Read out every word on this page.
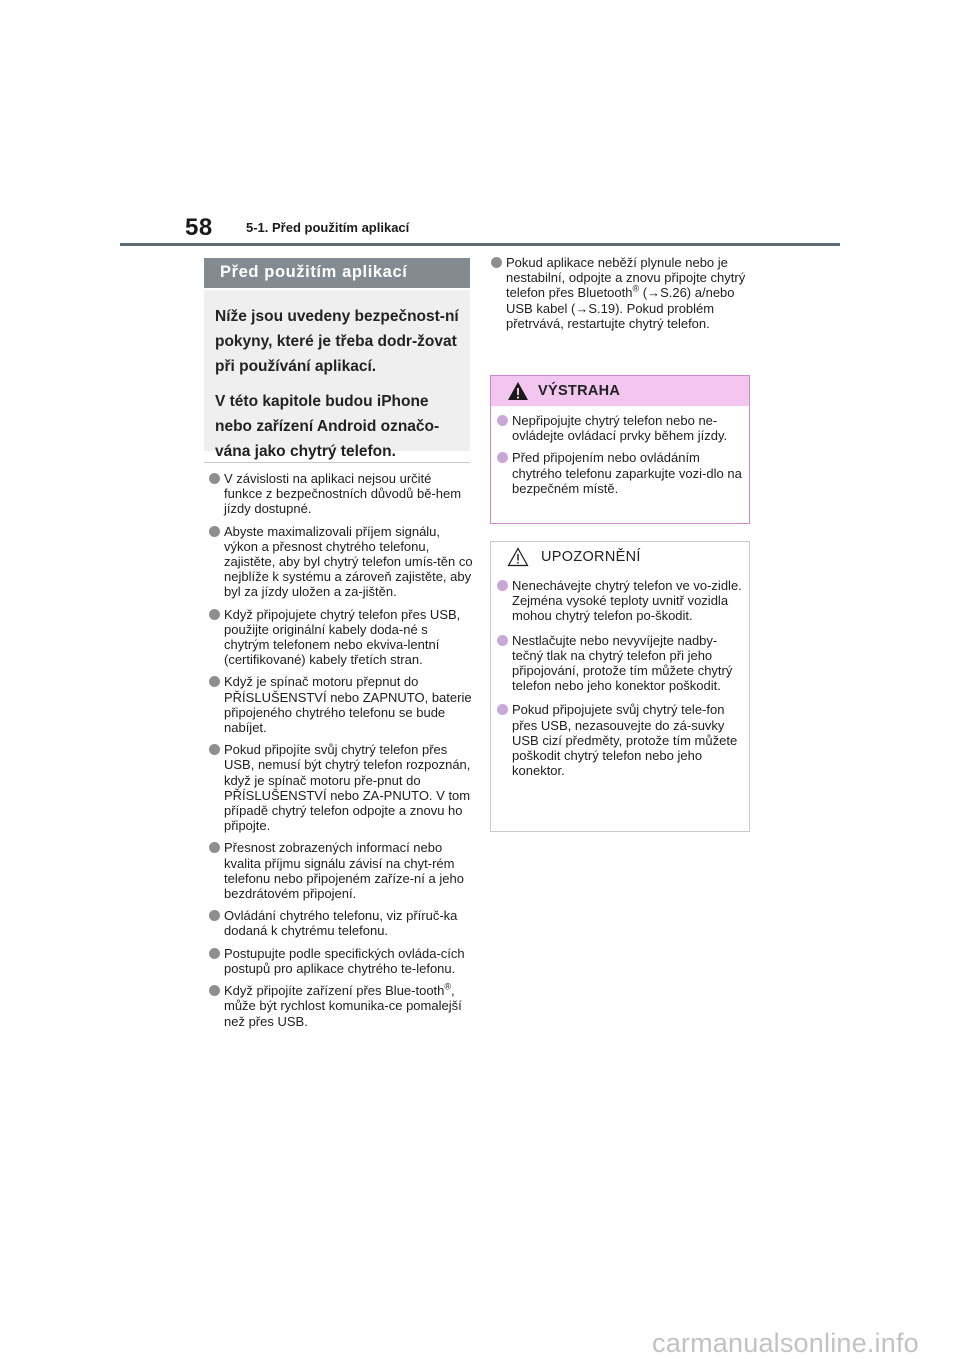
58	5-1. Před použitím aplikací
Před použitím aplikací

Níže jsou uvedeny bezpečnost-ní pokyny, které je třeba dodr-žovat při používání aplikací.

V této kapitole budou iPhone nebo zařízení Android označo-vána jako chytrý telefon.

V závislosti na aplikaci nejsou určité funkce z bezpečnostních důvodů bě-hem jízdy dostupné.
Abyste maximalizovali příjem signálu, výkon a přesnost chytrého telefonu, zajistěte, aby byl chytrý telefon umís-těn co nejblíže k systému a zároveň zajistěte, aby byl za jízdy uložen a za-jištěn.
Když připojujete chytrý telefon přes USB, použijte originální kabely doda-né s chytrým telefonem nebo ekviva-lentní (certifikované) kabely třetích stran.
Když je spínač motoru přepnut do PŘÍSLUŠENSTVÍ nebo ZAPNUTO, baterie připojeného chytrého telefonu se bude nabíjet.
Pokud připojíte svůj chytrý telefon přes USB, nemusí být chytrý telefon rozpoznán, když je spínač motoru pře-pnut do PŘÍSLUŠENSTVÍ nebo ZA-PNUTO. V tom případě chytrý telefon odpojte a znovu ho připojte.
Přesnost zobrazených informací nebo kvalita příjmu signálu závisí na chyt-rém telefonu nebo připojeném zaříze-ní a jeho bezdrátovém připojení.
Ovládání chytrého telefonu, viz příruč-ka dodaná k chytrému telefonu.
Postupujte podle specifických ovláda-cích postupů pro aplikace chytrého te-lefonu.
Když připojíte zařízení přes Blue-tooth®, může být rychlost komunika-ce pomalejší než přes USB.
Pokud aplikace neběží plynule nebo je nestabilní, odpojte a znovu připojte chytrý telefon přes Bluetooth® (→S.26) a/nebo USB kabel (→S.19). Pokud problém přetrvává, restartujte chytrý telefon.
VÝSTRAHA
Nepřipojujte chytrý telefon nebo ne-ovládejte ovládací prvky během jízdy.
Před připojením nebo ovládáním chytrého telefonu zaparkujte vozi-dlo na bezpečném místě.
UPOZORNĚNÍ
Nenechávejte chytrý telefon ve vo-zidle. Zejména vysoké teploty uvnitř vozidla mohou chytrý telefon po-škodit.
Nestlačujte nebo nevyvíjejte nadby-tečný tlak na chytrý telefon při jeho připojování, protože tím můžete chytrý telefon nebo jeho konektor poškodit.
Pokud připojujete svůj chytrý tele-fon přes USB, nezasouvejte do zá-suvky USB cizí předměty, protože tím můžete poškodit chytrý telefon nebo jeho konektor.
carmanualsonline.info
